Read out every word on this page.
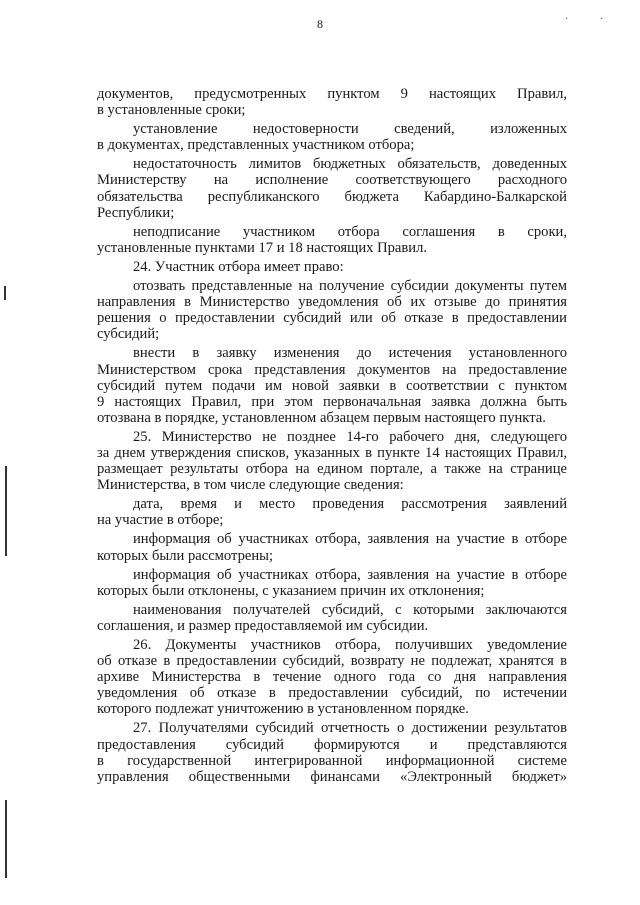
8

документов, предусмотренных пунктом 9 настоящих Правил,

в установленные сроки;

установление недостоверности сведений, изложенных

в документах, представленных участником отбора;

недостаточность лимитов бюджетных обязательств, доведенных

Министерству на исполнение соответствующего расходного

обязательства республиканского бюджета Кабардино-Балкарской

Республики;

неподписание участником отбора соглашения в сроки,

установленные пунктами 17 и 18 настоящих Правил.

24. Участник отбора имеет право:

отозвать представленные на получение субсидии документы путем

направления в Министерство уведомления об их отзыве до принятия

решения о предоставлении субсидий или об отказе в предоставлении

субсидий;

внести в заявку изменения до истечения установленного

Министерством срока представления документов на предоставление

субсидий путем подачи им новой заявки в соответствии с пунктом

9 настоящих Правил, при этом первоначальная заявка должна быть

отозвана в порядке, установленном абзацем первым настоящего пункта.

25. Министерство не позднее 14-го рабочего дня, следующего

за днем утверждения списков, указанных в пункте 14 настоящих Правил,

размещает результаты отбора на едином портале, а также на странице

Министерства, в том числе следующие сведения:

дата, время и место проведения рассмотрения заявлений

на участие в отборе;

информация об участниках отбора, заявления на участие в отборе

которых были рассмотрены;

информация об участниках отбора, заявления на участие в отборе

которых были отклонены, с указанием причин их отклонения;

наименования получателей субсидий, с которыми заключаются

соглашения, и размер предоставляемой им субсидии.

26. Документы участников отбора, получивших уведомление

об отказе в предоставлении субсидий, возврату не подлежат, хранятся в

архиве Министерства в течение одного года со дня направления

уведомления об отказе в предоставлении субсидий, по истечении

которого подлежат уничтожению в установленном порядке.

27. Получателями субсидий отчетность о достижении результатов

предоставления субсидий формируются и представляются

в государственной интегрированной информационной системе

управления общественными финансами «Электронный бюджет»

·	·
